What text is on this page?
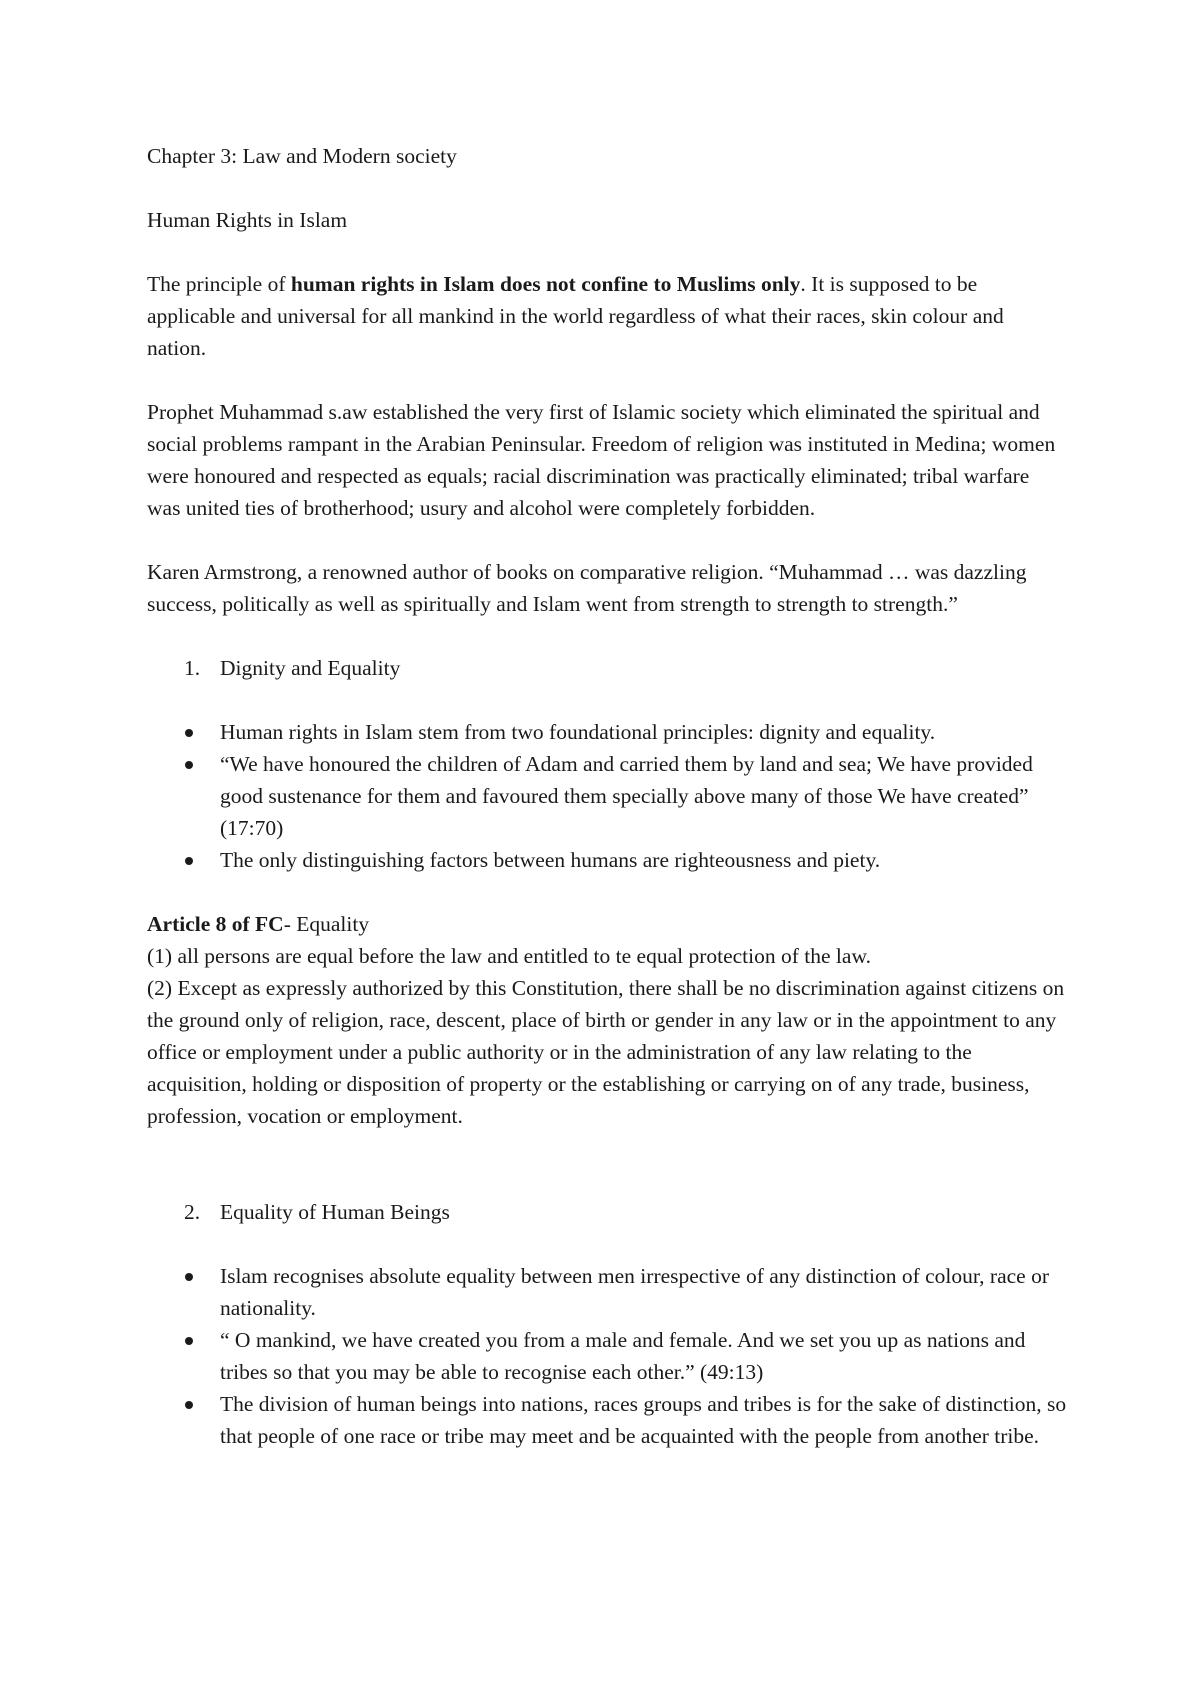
Chapter 3: Law and Modern society

Human Rights in Islam

The principle of human rights in Islam does not confine to Muslims only. It is supposed to be applicable and universal for all mankind in the world regardless of what their races, skin colour and nation.

Prophet Muhammad s.aw established the very first of Islamic society which eliminated the spiritual and social problems rampant in the Arabian Peninsular. Freedom of religion was instituted in Medina; women were honoured and respected as equals; racial discrimination was practically eliminated; tribal warfare was united ties of brotherhood; usury and alcohol were completely forbidden.

Karen Armstrong, a renowned author of books on comparative religion. “Muhammad … was dazzling success, politically as well as spiritually and Islam went from strength to strength to strength.”

1. Dignity and Equality
Human rights in Islam stem from two foundational principles: dignity and equality.
“We have honoured the children of Adam and carried them by land and sea; We have provided good sustenance for them and favoured them specially above many of those We have created” (17:70)
The only distinguishing factors between humans are righteousness and piety.

Article 8 of FC- Equality

(1) all persons are equal before the law and entitled to te equal protection of the law.

(2) Except as expressly authorized by this Constitution, there shall be no discrimination against citizens on the ground only of religion, race, descent, place of birth or gender in any law or in the appointment to any office or employment under a public authority or in the administration of any law relating to the acquisition, holding or disposition of property or the establishing or carrying on of any trade, business, profession, vocation or employment.

2. Equality of Human Beings
Islam recognises absolute equality between men irrespective of any distinction of colour, race or nationality.
“ O mankind, we have created you from a male and female. And we set you up as nations and tribes so that you may be able to recognise each other.” (49:13)
The division of human beings into nations, races groups and tribes is for the sake of distinction, so that people of one race or tribe may meet and be acquainted with the people from another tribe.
